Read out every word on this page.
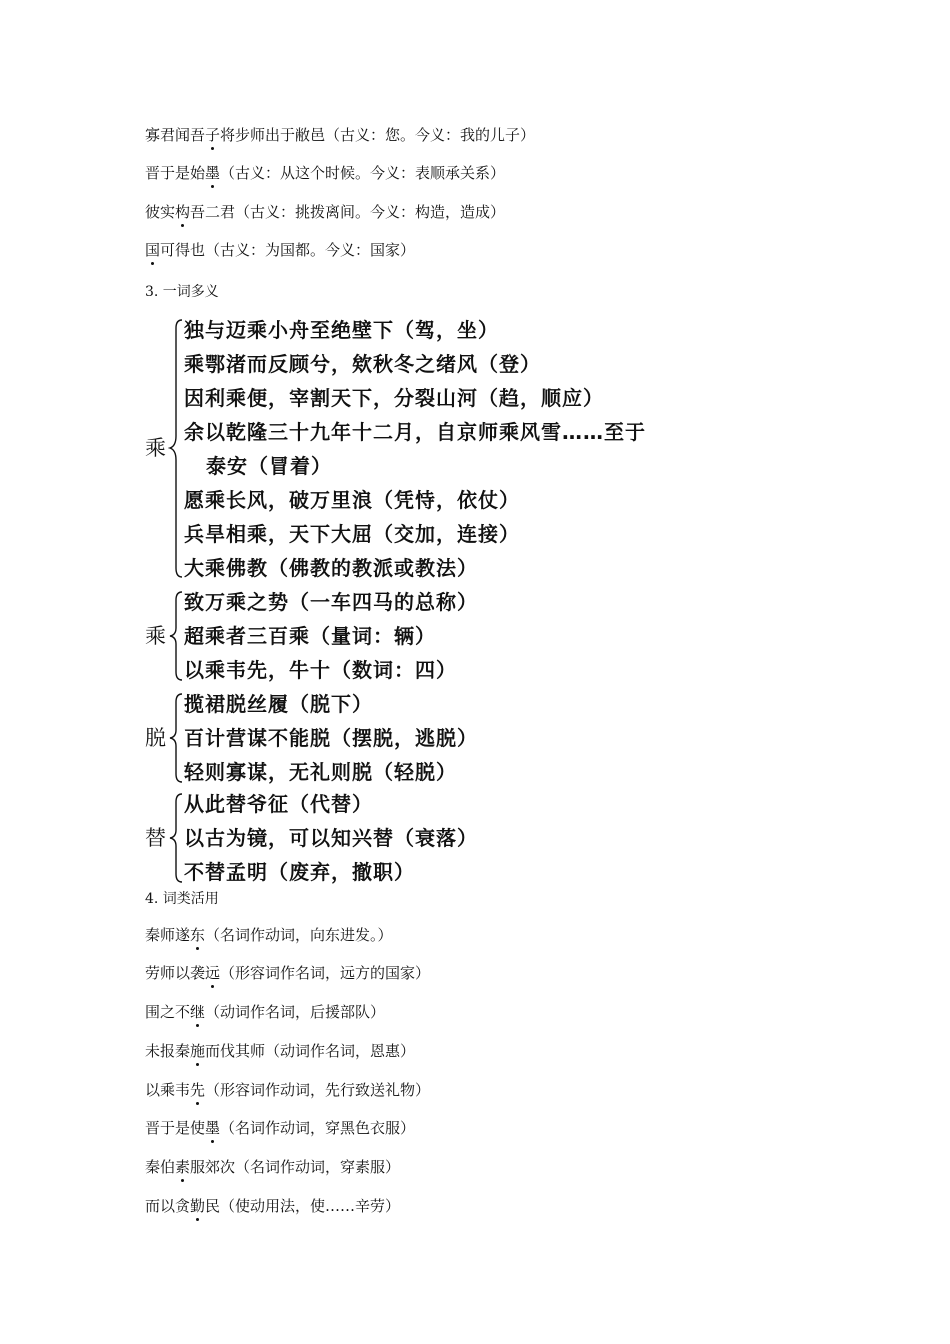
寡君闻吾子将步师出于敝邑（古义：您。今义：我的儿子）
晋于是始墨（古义：从这个时候。今义：表顺承关系）
彼实构吾二君（古义：挑拨离间。今义：构造，造成）
国可得也（古义：为国都。今义：国家）
3. 一词多义
乘
独与迈乘小舟至绝壁下（驾，坐）
乘鄂渚而反顾兮，欸秋冬之绪风（登）
因利乘便，宰割天下，分裂山河（趋，顺应）
余以乾隆三十九年十二月，自京师乘风雪……至于
泰安（冒着）
愿乘长风，破万里浪（凭恃，依仗）
兵旱相乘，天下大屈（交加，连接）
大乘佛教（佛教的教派或教法）
乘
致万乘之势（一车四马的总称）
超乘者三百乘（量词：辆）
以乘韦先，牛十（数词：四）
脱
揽裙脱丝履（脱下）
百计营谋不能脱（摆脱，逃脱）
轻则寡谋，无礼则脱（轻脱）
替
从此替爷征（代替）
以古为镜，可以知兴替（衰落）
不替孟明（废弃，撤职）
4. 词类活用
秦师遂东（名词作动词，向东进发。）
劳师以袭远（形容词作名词，远方的国家）
围之不继（动词作名词，后援部队）
未报秦施而伐其师（动词作名词，恩惠）
以乘韦先（形容词作动词，先行致送礼物）
晋于是使墨（名词作动词，穿黑色衣服）
秦伯素服郊次（名词作动词，穿素服）
而以贪勤民（使动用法，使……辛劳）
